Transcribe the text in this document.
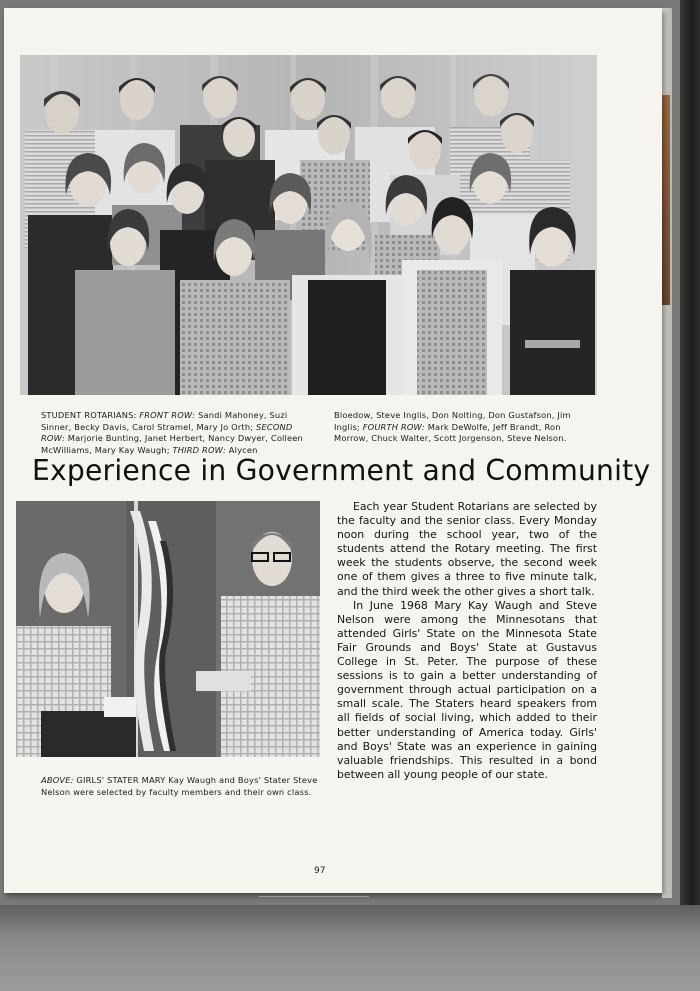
STUDENT ROTARIANS: FRONT ROW: Sandi Mahoney, Suzi Sinner, Becky Davis, Carol Stramel, Mary Jo Orth; SECOND ROW: Marjorie Bunting, Janet Herbert, Nancy Dwyer, Colleen McWilliams, Mary Kay Waugh; THIRD ROW: Alycen
Bloedow, Steve Inglis, Don Nolting, Don Gustafson, Jim Inglis; FOURTH ROW: Mark DeWolfe, Jeff Brandt, Ron Morrow, Chuck Walter, Scott Jorgenson, Steve Nelson.
Experience in Government and Community
ABOVE: GIRLS' STATER MARY Kay Waugh and Boys' Stater Steve Nelson were selected by faculty members and their own class.

Each year Student Rotarians are selected by the faculty and the senior class. Every Monday noon during the school year, two of the students attend the Rotary meeting. The first week the students observe, the second week one of them gives a three to five minute talk, and the third week the other gives a short talk.

In June 1968 Mary Kay Waugh and Steve Nelson were among the Minnesotans that attended Girls' State on the Minnesota State Fair Grounds and Boys' State at Gustavus College in St. Peter. The purpose of these sessions is to gain a better understanding of government through actual participation on a small scale. The Staters heard speakers from all fields of social living, which added to their better understanding of America today. Girls' and Boys' State was an experience in gaining valuable friendships. This resulted in a bond between all young people of our state.

97
